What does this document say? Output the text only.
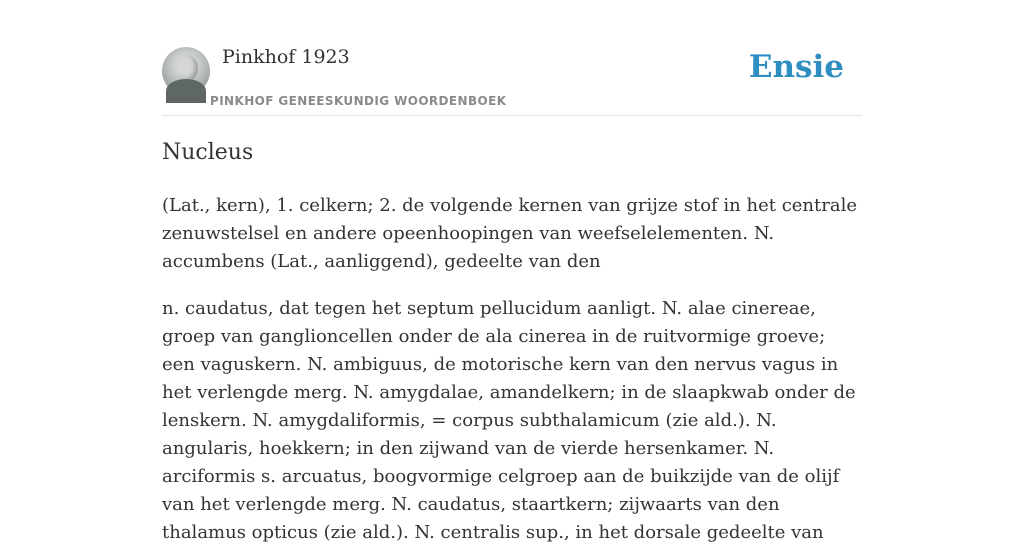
Pinkhof 1923
PINKHOF GENEESKUNDIG WOORDENBOEK
Ensie
Nucleus

(Lat., kern), 1. celkern; 2. de volgende kernen van grijze stof in het centrale zenuwstelsel en andere opeenhoopingen van weefselelementen. N. accumbens (Lat., aanliggend), gedeelte van den

n. caudatus, dat tegen het septum pellucidum aanligt. N. alae cinereae, groep van ganglioncellen onder de ala cinerea in de ruitvormige groeve; een vaguskern. N. ambiguus, de motorische kern van den nervus vagus in het verlengde merg. N. amygdalae, amandelkern; in de slaapkwab onder de lenskern. N. amygdaliformis, = corpus subthalamicum (zie ald.). N. angularis, hoekkern; in den zijwand van de vierde hersenkamer. N. arciformis s. arcuatus, boogvormige celgroep aan de buikzijde van de olijf van het verlengde merg. N. caudatus, staartkern; zijwaarts van den thalamus opticus (zie ald.). N. centralis sup., in het dorsale gedeelte van
